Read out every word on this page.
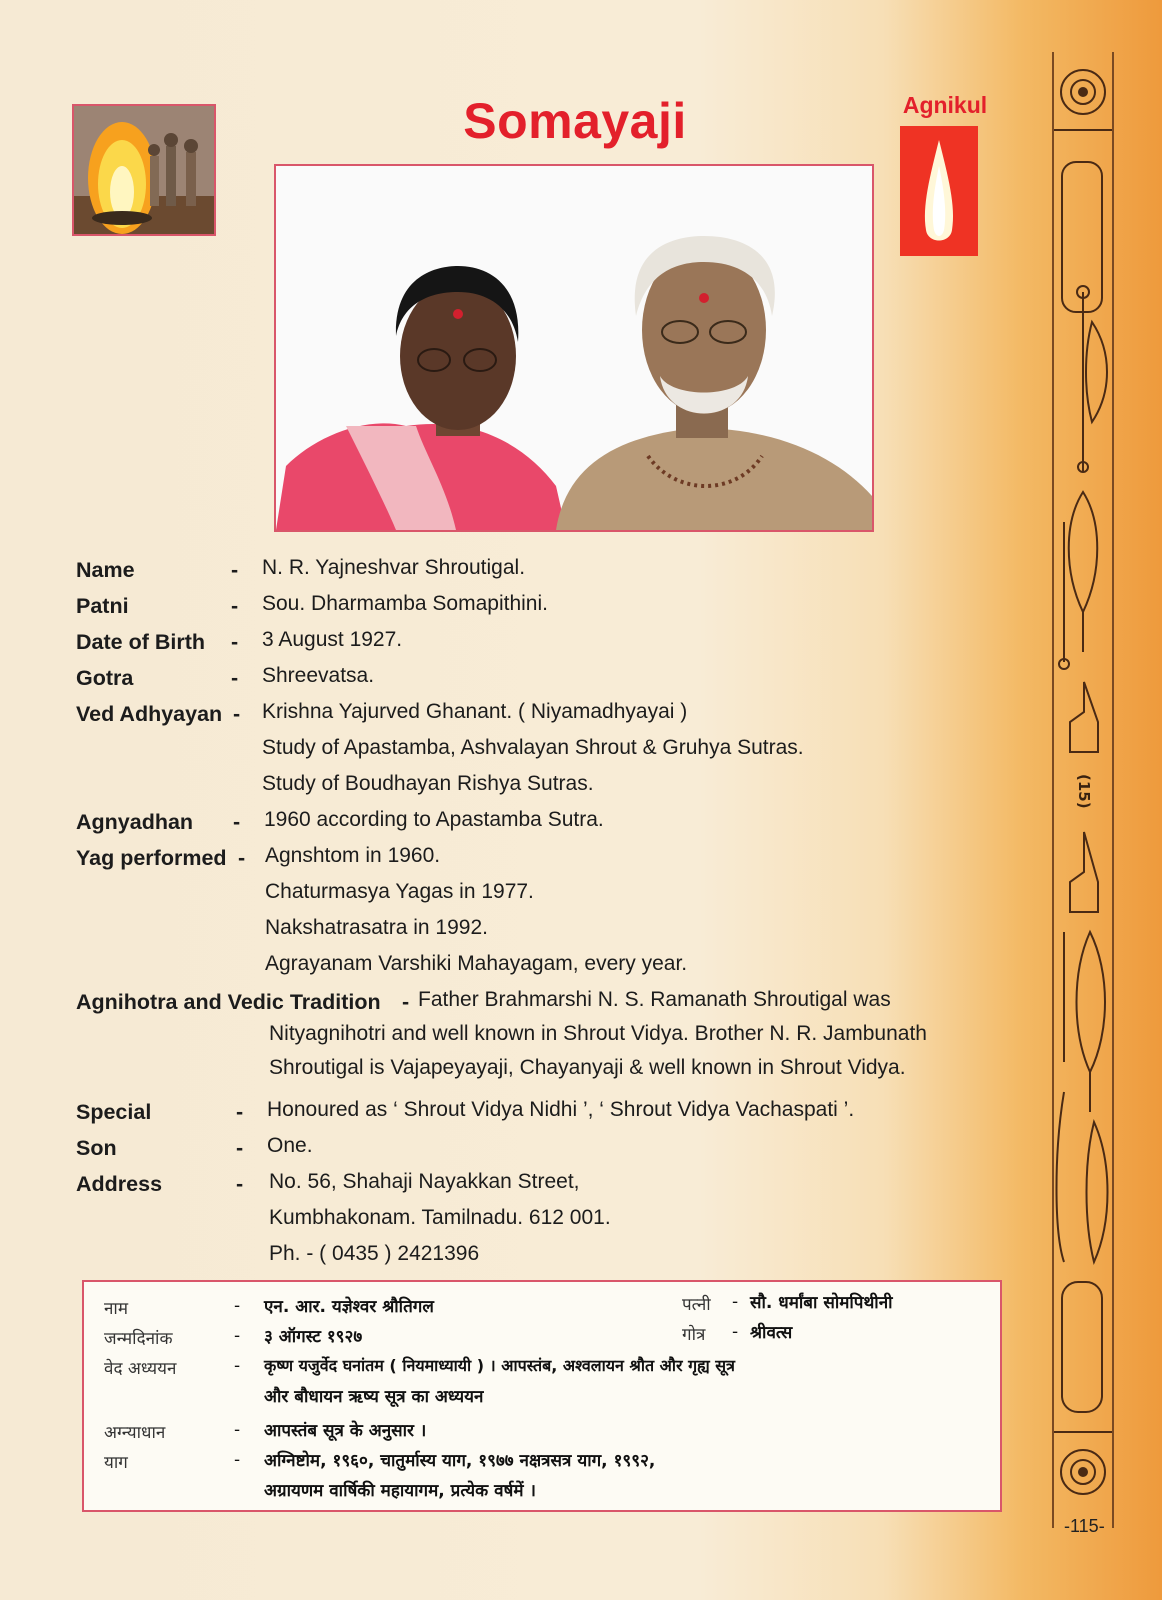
Somayaji	Agnikul
Name	- N. R. Yajneshvar Shroutigal.
Patni	- Sou. Dharmamba Somapithini.
Date of Birth - 3 August 1927.
Gotra	- Shreevatsa.
Ved Adhyayan - Krishna Yajurved Ghanant. ( Niyamadhyayai )
Study of Apastamba, Ashvalayan Shrout & Gruhya Sutras.
Study of Boudhayan Rishya Sutras.
Agnyadhan - 1960 according to Apastamba Sutra.
Yag performed - Agnshtom in 1960.
Chaturmasya Yagas in 1977.
Nakshatrasatra in 1992.
Agrayanam Varshiki Mahayagam, every year.
Agnihotra and Vedic Tradition - Father Brahmarshi N. S. Ramanath Shroutigal was
Nityagnihotri and well known in Shrout Vidya. Brother N. R. Jambunath
Shroutigal is Vajapeyayaji, Chayanyaji & well known in Shrout Vidya.
Special	- Honoured as ‘ Shrout Vidya Nidhi ’, ‘ Shrout Vidya Vachaspati ’.
Son	- One.
Address	- No. 56, Shahaji Nayakkan Street,
Kumbhakonam. Tamilnadu. 612 001.
Ph. - ( 0435 ) 2421396
नाम	- एन. आर. यज्ञेश्वर श्रौतिगल	पत्नी - सौ. धर्मांबा सोमपिथीनी
जन्मदिनांक	- ३ ऑगस्ट १९२७	गोत्र - श्रीवत्स
वेद अध्ययन	- कृष्ण यजुर्वेद घनांतम ( नियमाध्यायी ) । आपस्तंब, अश्वलायन श्रौत और गृह्य सूत्र
और बौधायन ऋष्य सूत्र का अध्ययन
अग्न्याधान	- आपस्तंब सूत्र के अनुसार ।
याग	- अग्निष्टोम, १९६०, चातुर्मास्य याग, १९७७ नक्षत्रसत्र याग, १९९२,
अग्रायणम वार्षिकी महायागम, प्रत्येक वर्षमें ।
(15)
-115-
